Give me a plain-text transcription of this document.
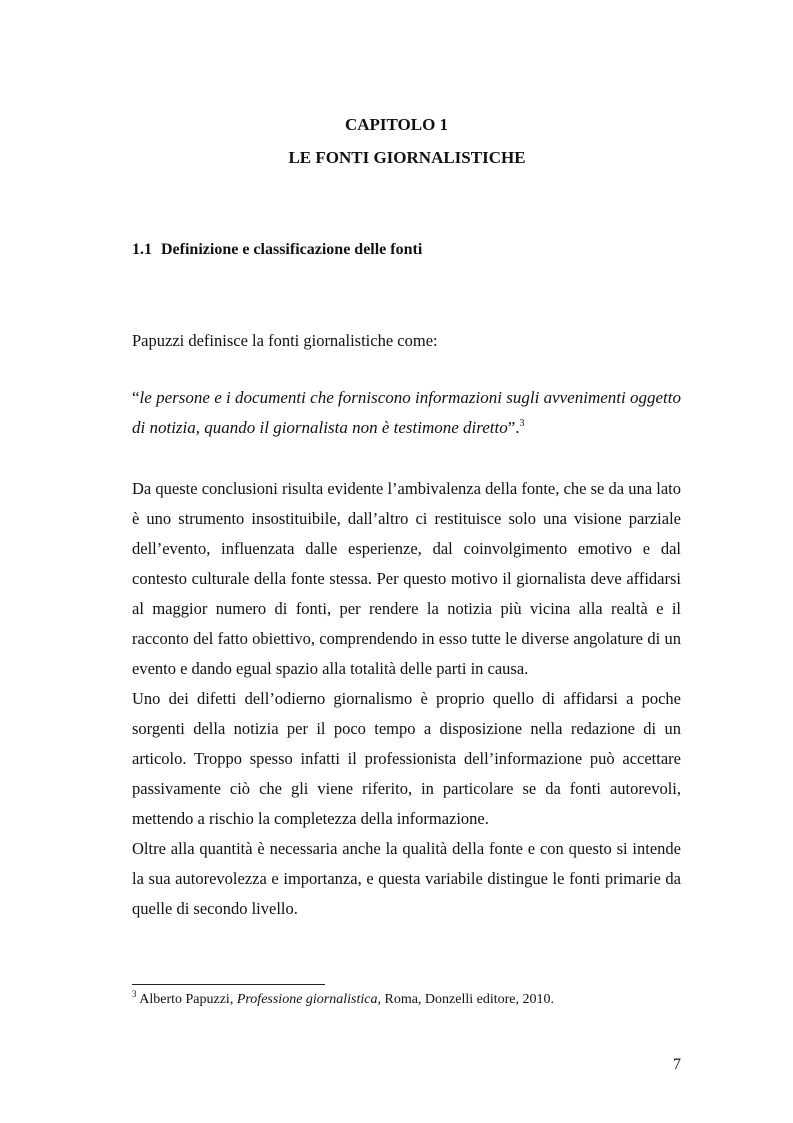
CAPITOLO 1
LE FONTI GIORNALISTICHE
1.1 Definizione e classificazione delle fonti

Papuzzi definisce la fonti giornalistiche come:

“le persone e i documenti che forniscono informazioni sugli avvenimenti oggetto di notizia, quando il giornalista non è testimone diretto”.$^3$

Da queste conclusioni risulta evidente l’ambivalenza della fonte, che se da una lato è uno strumento insostituibile, dall’altro ci restituisce solo una visione parziale dell’evento, influenzata dalle esperienze, dal coinvolgimento emotivo e dal contesto culturale della fonte stessa. Per questo motivo il giornalista deve affidarsi al maggior numero di fonti, per rendere la notizia più vicina alla realtà e il racconto del fatto obiettivo, comprendendo in esso tutte le diverse angolature di un evento e dando egual spazio alla totalità delle parti in causa.

Uno dei difetti dell’odierno giornalismo è proprio quello di affidarsi a poche sorgenti della notizia per il poco tempo a disposizione nella redazione di un articolo. Troppo spesso infatti il professionista dell’informazione può accettare passivamente ciò che gli viene riferito, in particolare se da fonti autorevoli, mettendo a rischio la completezza della informazione.

Oltre alla quantità è necessaria anche la qualità della fonte e con questo si intende la sua autorevolezza e importanza, e questa variabile distingue le fonti primarie da quelle di secondo livello.

$^3$ Alberto Papuzzi, Professione giornalistica, Roma, Donzelli editore, 2010.

7
